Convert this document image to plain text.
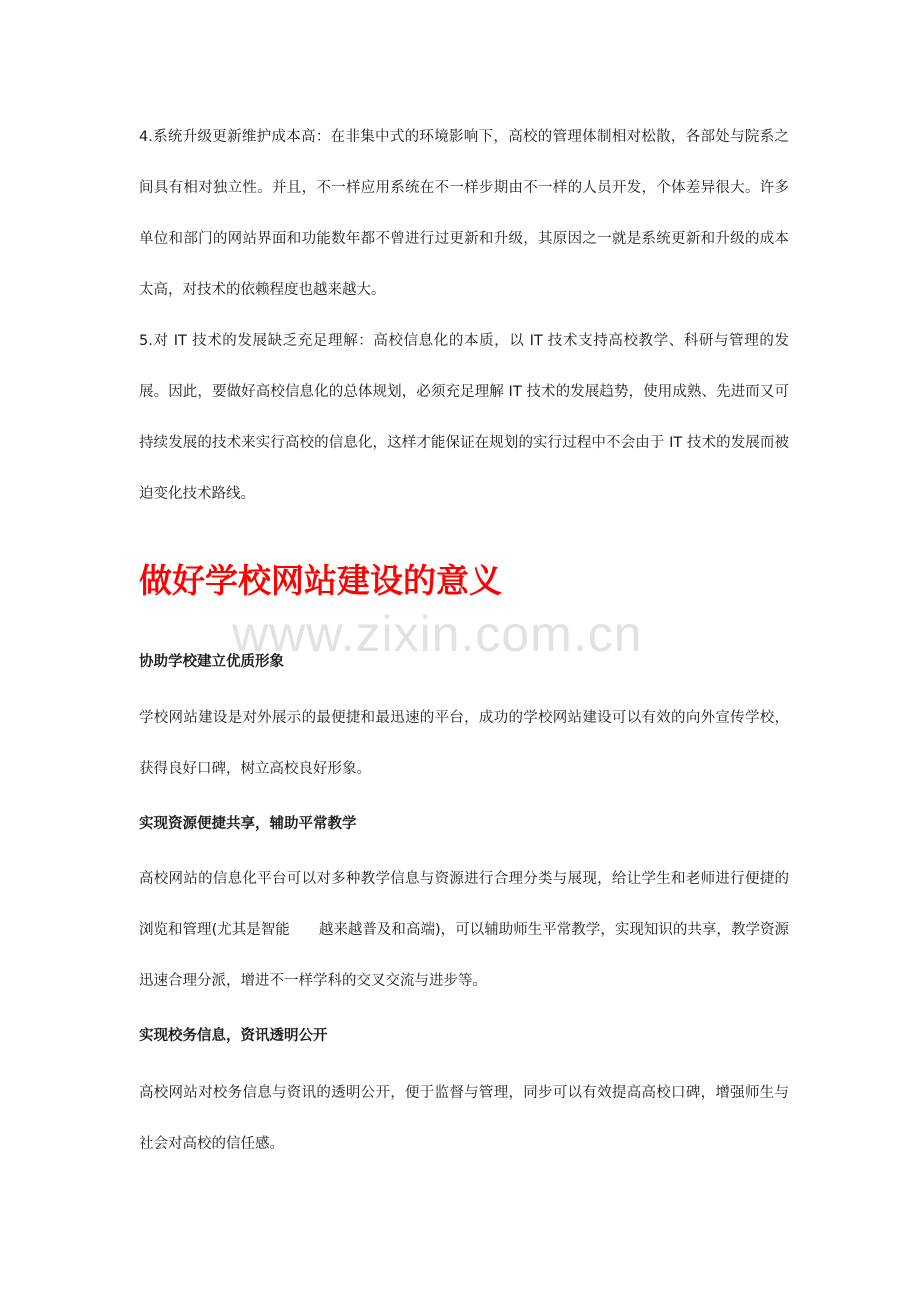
4.系统升级更新维护成本高：在非集中式的环境影响下，高校的管理体制相对松散，各部处与院系之间具有相对独立性。并且，不一样应用系统在不一样步期由不一样的人员开发，个体差异很大。许多单位和部门的网站界面和功能数年都不曾进行过更新和升级，其原因之一就是系统更新和升级的成本太高，对技术的依赖程度也越来越大。

5.对 IT 技术的发展缺乏充足理解：高校信息化的本质，以 IT 技术支持高校教学、科研与管理的发展。因此，要做好高校信息化的总体规划，必须充足理解 IT 技术的发展趋势，使用成熟、先进而又可持续发展的技术来实行高校的信息化，这样才能保证在规划的实行过程中不会由于 IT 技术的发展而被迫变化技术路线。

做好学校网站建设的意义
www.zixin.com.cn
协助学校建立优质形象

学校网站建设是对外展示的最便捷和最迅速的平台，成功的学校网站建设可以有效的向外宣传学校，获得良好口碑，树立高校良好形象。

实现资源便捷共享，辅助平常教学

高校网站的信息化平台可以对多种教学信息与资源进行合理分类与展现，给让学生和老师进行便捷的浏览和管理(尤其是智能　　越来越普及和高端)，可以辅助师生平常教学，实现知识的共享，教学资源迅速合理分派，增进不一样学科的交叉交流与进步等。

实现校务信息，资讯透明公开

高校网站对校务信息与资讯的透明公开，便于监督与管理，同步可以有效提高高校口碑，增强师生与社会对高校的信任感。
